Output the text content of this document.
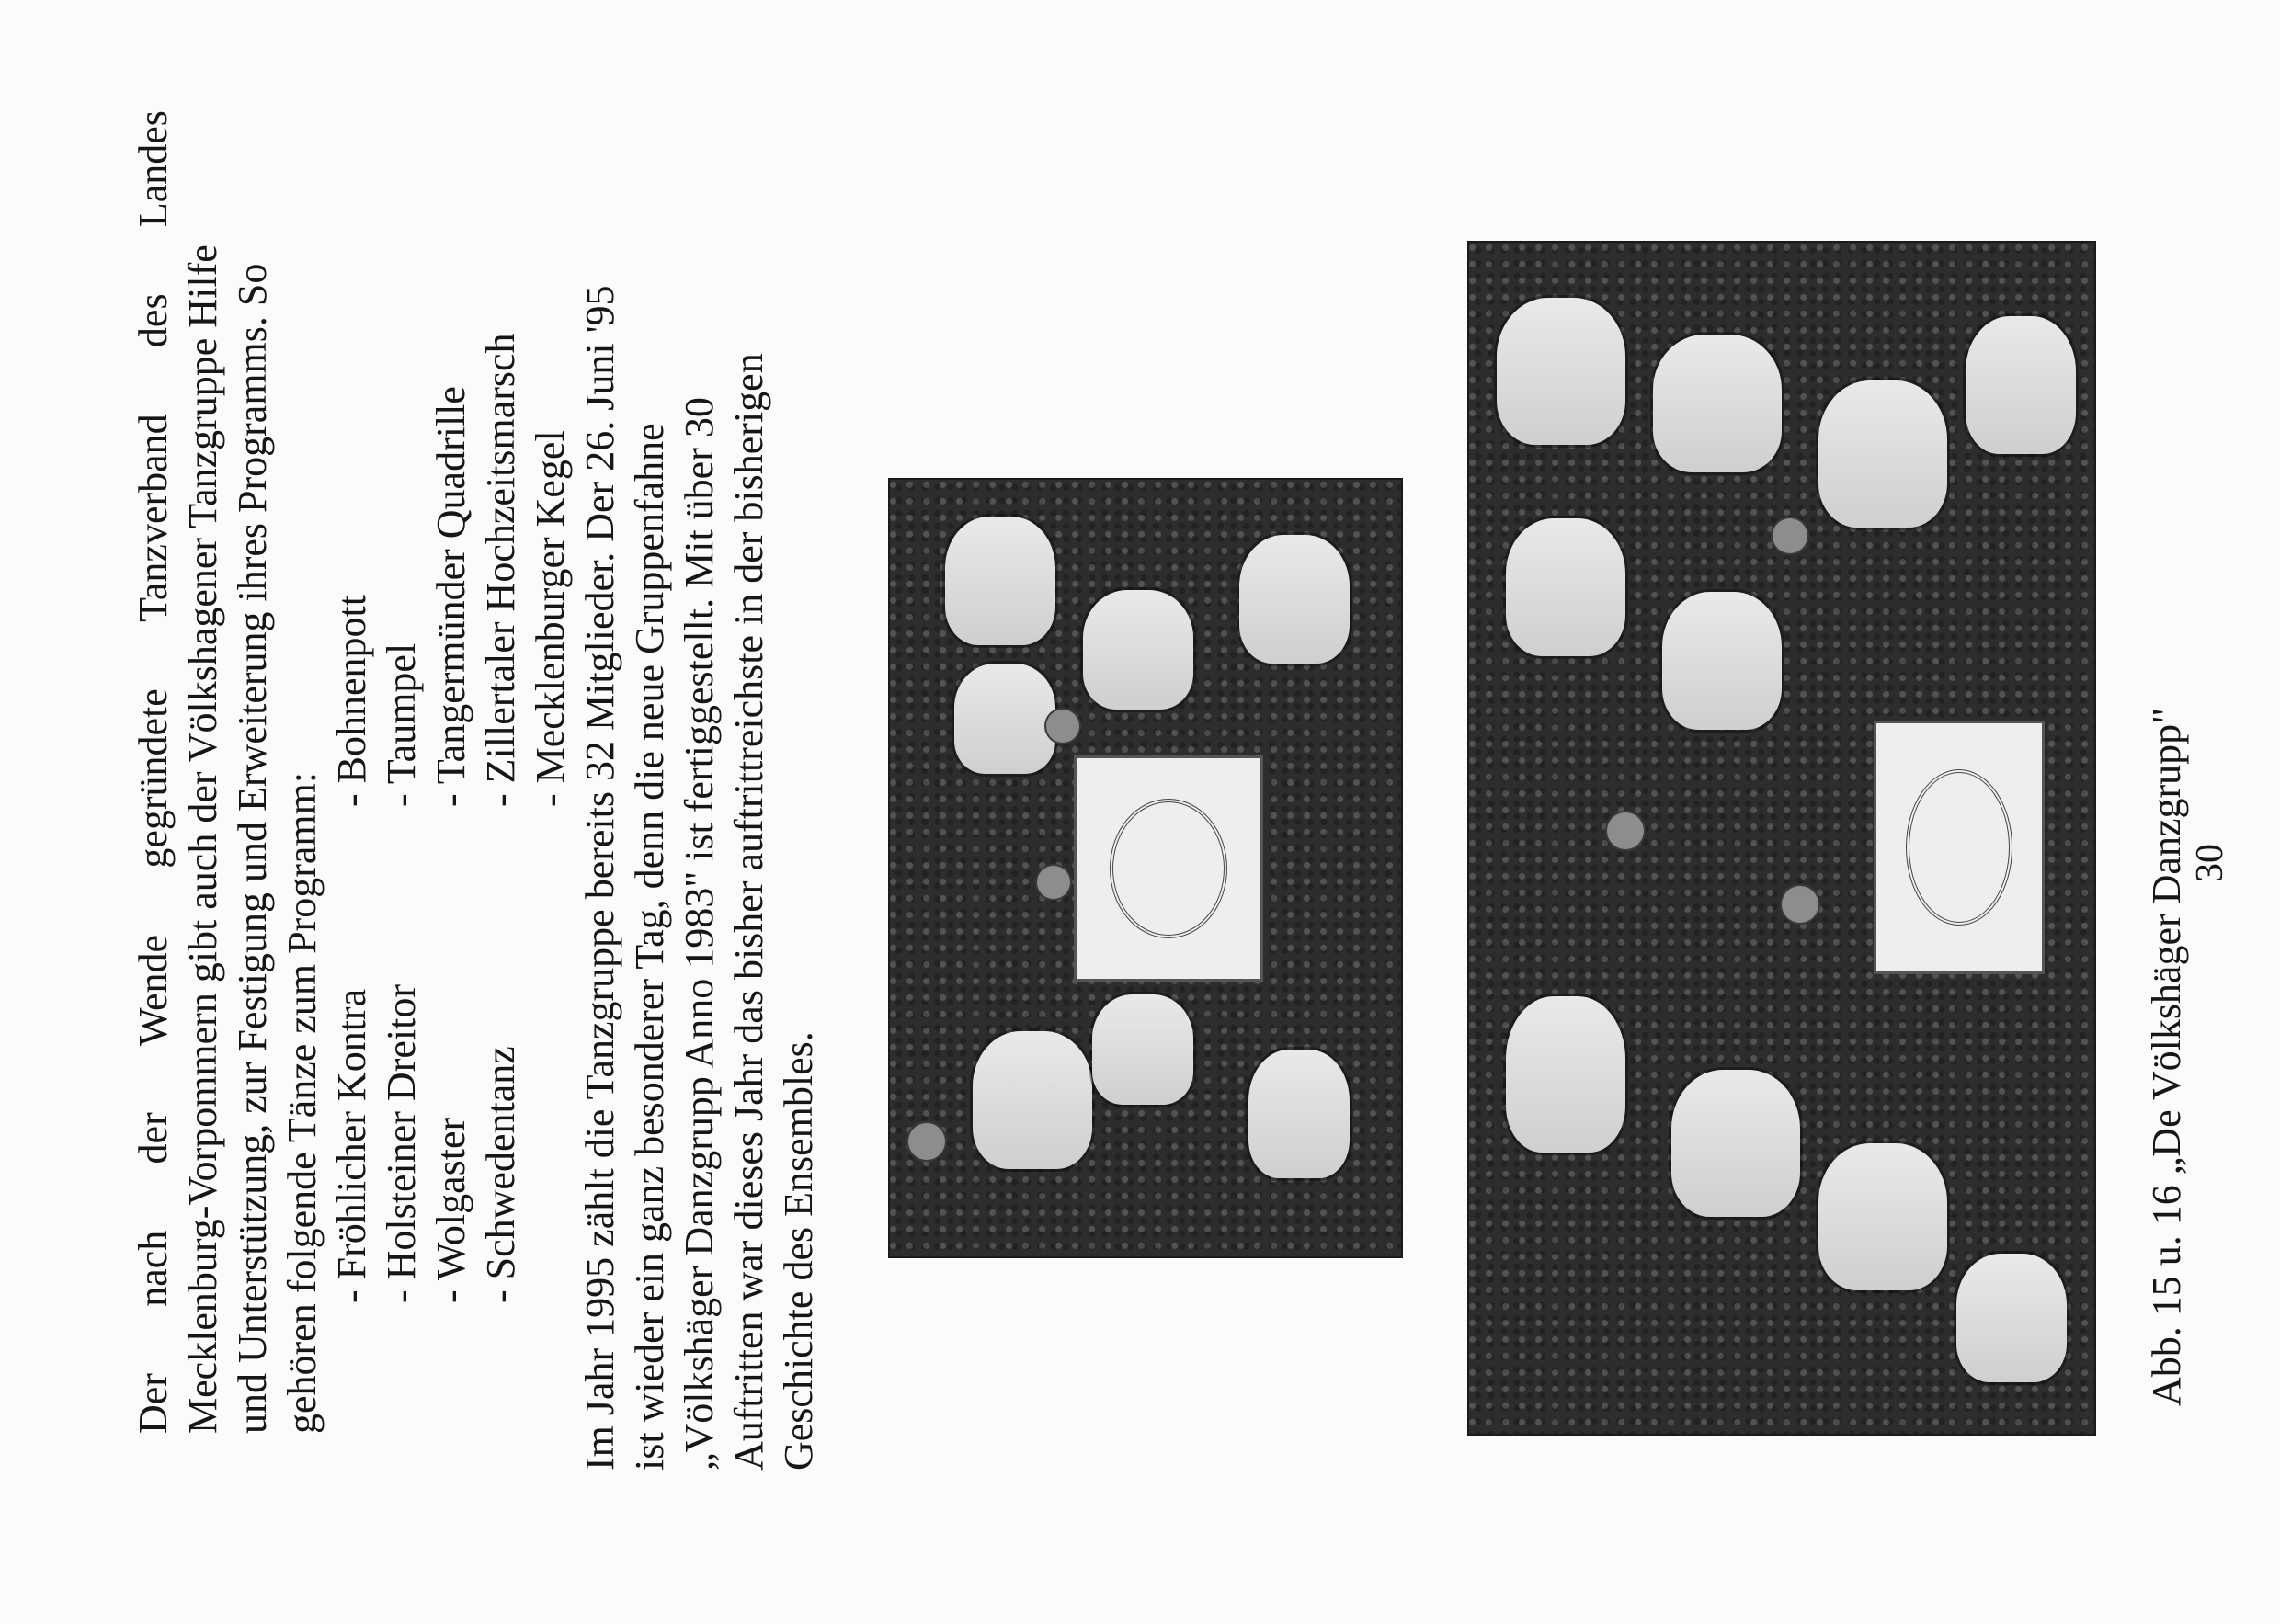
Der
nach
der
Wende
gegründete
Tanzverband
des
Landes
Mecklenburg-Vorpommern gibt auch der Völkshagener Tanzgruppe Hilfe und Unterstützung, zur Festigung und Erweiterung ihres Programms. So gehören folgende Tänze zum Programm: - Fröhlicher Kontra
- Bohnenpott
- Holsteiner Dreitor
- Taumpel
- Wolgaster
- Tangermünder Quadrille
- Schwedentanz
- Zillertaler Hochzeitsmarsch - Mecklenburger Kegel Im Jahr 1995 zählt die Tanzgruppe bereits 32 Mitglieder. Der 26. Juni '95 ist wieder ein ganz besonderer Tag, denn die neue Gruppenfahne „Völkshäger Danzgrupp Anno 1983" ist fertiggestellt. Mit über 30 Auftritten war dieses Jahr das bisher auftrittreichste in der bisherigen Geschichte des Ensembles.	Abb. 15 u. 16 „De Völkshäger Danzgrupp" 30
